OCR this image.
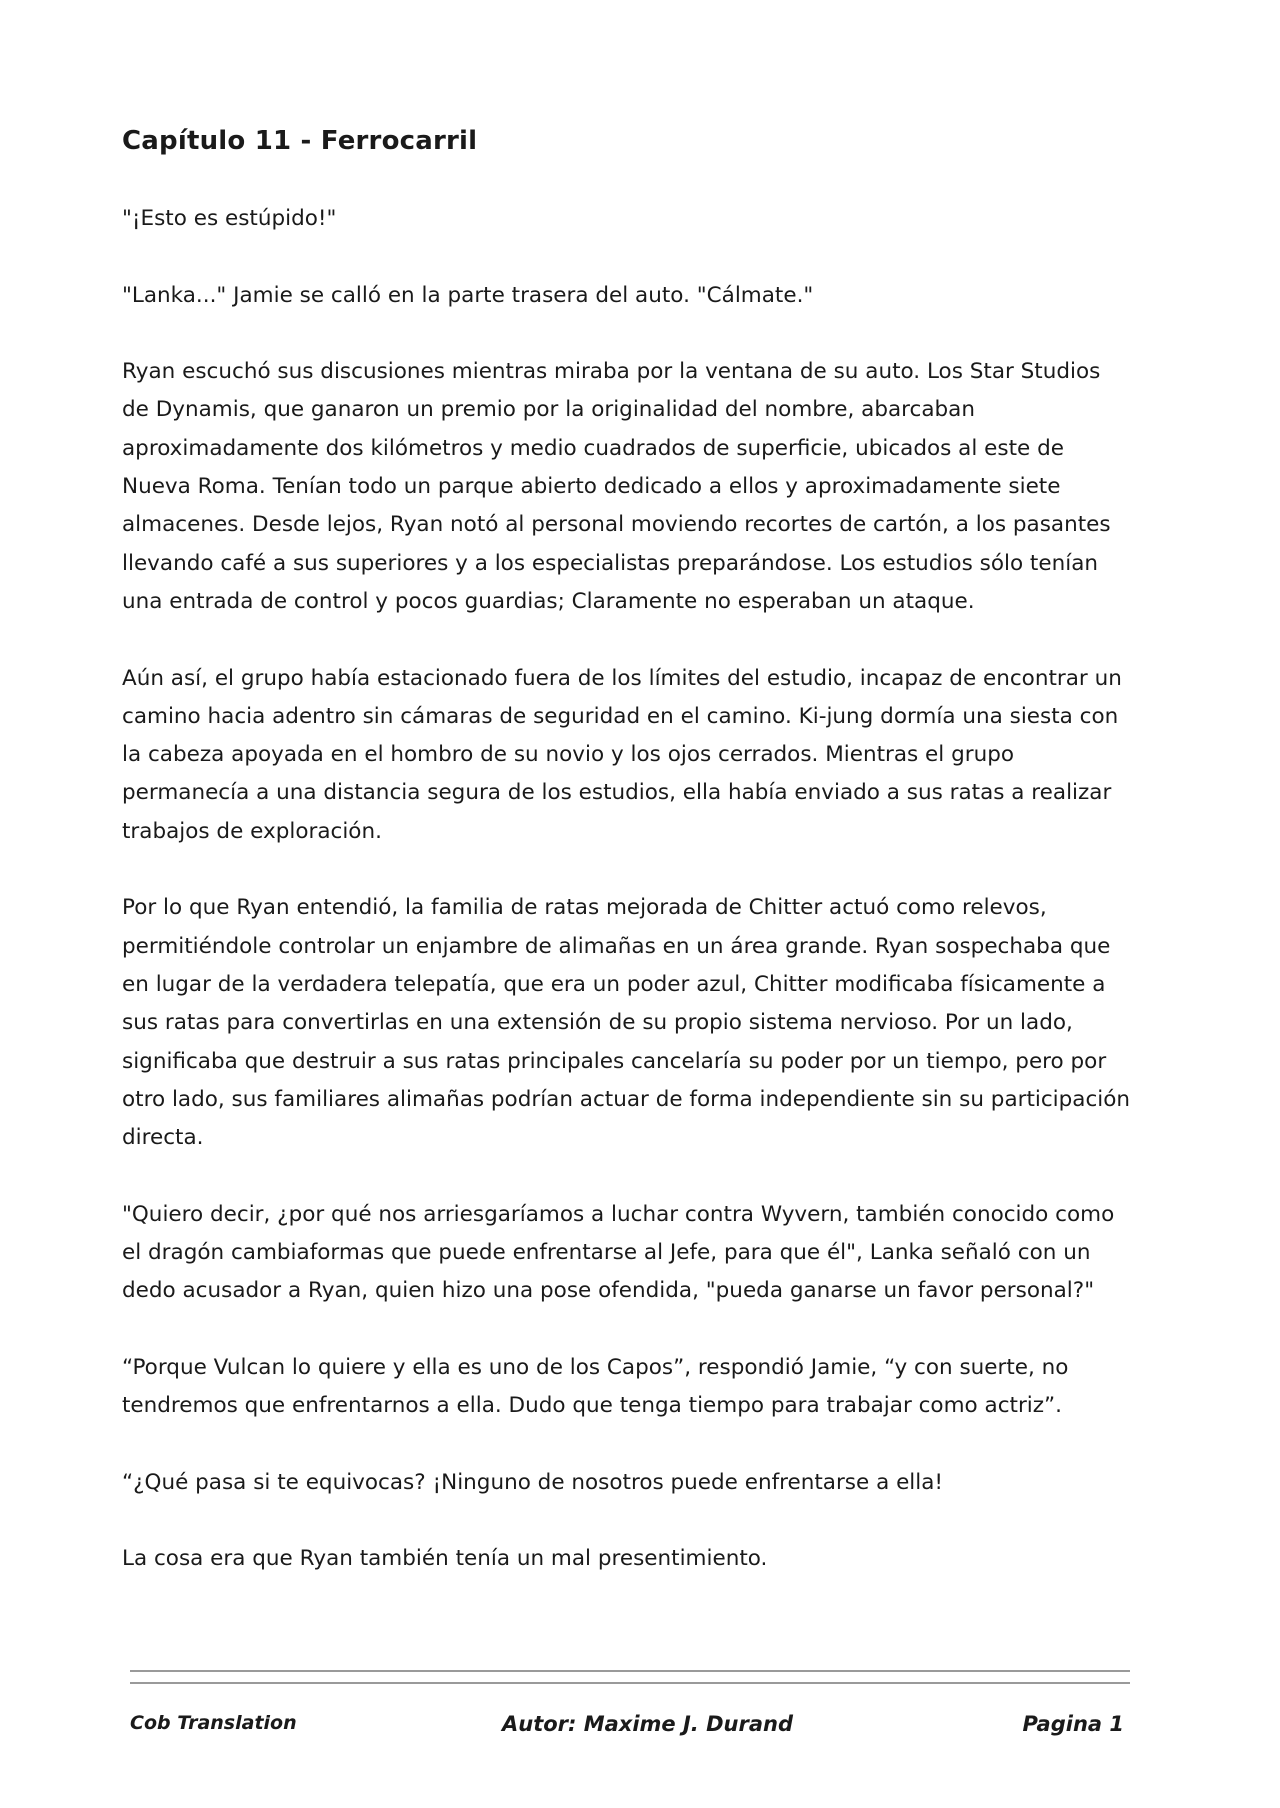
Capítulo 11 - Ferrocarril

"¡Esto es estúpido!"

"Lanka..." Jamie se calló en la parte trasera del auto. "Cálmate."

Ryan escuchó sus discusiones mientras miraba por la ventana de su auto. Los Star Studios de Dynamis, que ganaron un premio por la originalidad del nombre, abarcaban aproximadamente dos kilómetros y medio cuadrados de superficie, ubicados al este de Nueva Roma. Tenían todo un parque abierto dedicado a ellos y aproximadamente siete almacenes. Desde lejos, Ryan notó al personal moviendo recortes de cartón, a los pasantes llevando café a sus superiores y a los especialistas preparándose. Los estudios sólo tenían una entrada de control y pocos guardias; Claramente no esperaban un ataque.

Aún así, el grupo había estacionado fuera de los límites del estudio, incapaz de encontrar un camino hacia adentro sin cámaras de seguridad en el camino. Ki-jung dormía una siesta con la cabeza apoyada en el hombro de su novio y los ojos cerrados. Mientras el grupo permanecía a una distancia segura de los estudios, ella había enviado a sus ratas a realizar trabajos de exploración.

Por lo que Ryan entendió, la familia de ratas mejorada de Chitter actuó como relevos, permitiéndole controlar un enjambre de alimañas en un área grande. Ryan sospechaba que en lugar de la verdadera telepatía, que era un poder azul, Chitter modificaba físicamente a sus ratas para convertirlas en una extensión de su propio sistema nervioso. Por un lado, significaba que destruir a sus ratas principales cancelaría su poder por un tiempo, pero por otro lado, sus familiares alimañas podrían actuar de forma independiente sin su participación directa.

"Quiero decir, ¿por qué nos arriesgaríamos a luchar contra Wyvern, también conocido como el dragón cambiaformas que puede enfrentarse al Jefe, para que él", Lanka señaló con un dedo acusador a Ryan, quien hizo una pose ofendida, "pueda ganarse un favor personal?"

“Porque Vulcan lo quiere y ella es uno de los Capos”, respondió Jamie, “y con suerte, no tendremos que enfrentarnos a ella. Dudo que tenga tiempo para trabajar como actriz”.

“¿Qué pasa si te equivocas? ¡Ninguno de nosotros puede enfrentarse a ella!

La cosa era que Ryan también tenía un mal presentimiento.

Cob Translation	Autor: Maxime J. Durand	Pagina 1
